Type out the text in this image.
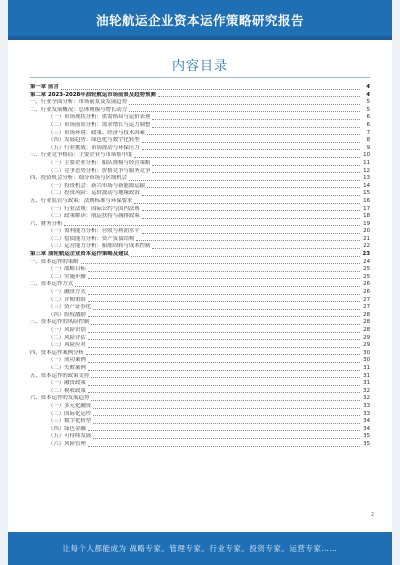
油轮航运企业资本运作策略研究报告
内容目录
第一章 前言	4
第二章 2023-2028年油轮航运市场前景及趋势预测	4
一、行业全面分析：市场前景及发展趋势	5
二、行业发展概况：总体规模与增长动力	5
（一）市场现状分析：供需格局与运价表现	6
（二）市场前景分析：需求增长与运力调整	6
（三）市场环境：政策、经济与技术因素	7
（四）发展趋势：绿色化与数字化转型	8
（五）行业挑战：市场波动与环保压力	9
三、行业竞争格局：主要企业与市场集中度	10
（一）主要企业分析：船队规模与经营策略	11
（二）竞争态势分析：价格竞争与服务竞争	12
四、投资机会分析：细分市场与区域机会	13
（一）投资机会：新兴市场与新能源运输	14
（二）投资风险：运价波动与地缘政治	15
五、行业监管与政策：法规标准与环保要求	16
（一）行业法规：国际公约与国内法规	17
（二）政策解读：航运扶持与减排政策	18
六、财务分析	19
（一）盈利能力分析：营收与利润水平	20
（二）偿债能力分析：资产负债结构	21
（三）运营能力分析：船舶周转与成本控制	22
第三章 油轮航运企业资本运作策略及建议	23
一、资本运作的策略	24
（一）战略目标	25
（二）实施步骤	25
二、资本运作方式	26
（一）融资方式	26
（二）并购重组	27
（三）资产证券化	27
（四）股权激励	28
三、资本运作的风险控制	28
（一）风险识别	28
（二）风险评估	29
（三）风险应对	29
四、资本运作案例分析	30
（一）成功案例	30
（二）失败案例	31
五、资本运作的政策支持	31
（一）融资政策	31
（二）税收政策	32
六、资本运作的发展趋势	32
（一）多元化融资	33
（二）国际化运作	33
（三）数字化转型	34
（四）绿色金融	34
（五）可持续发展	35
（六）风险管理	35
2
让每个人都能成为 战略专家、管理专家、行业专家、投资专家、运营专家……
